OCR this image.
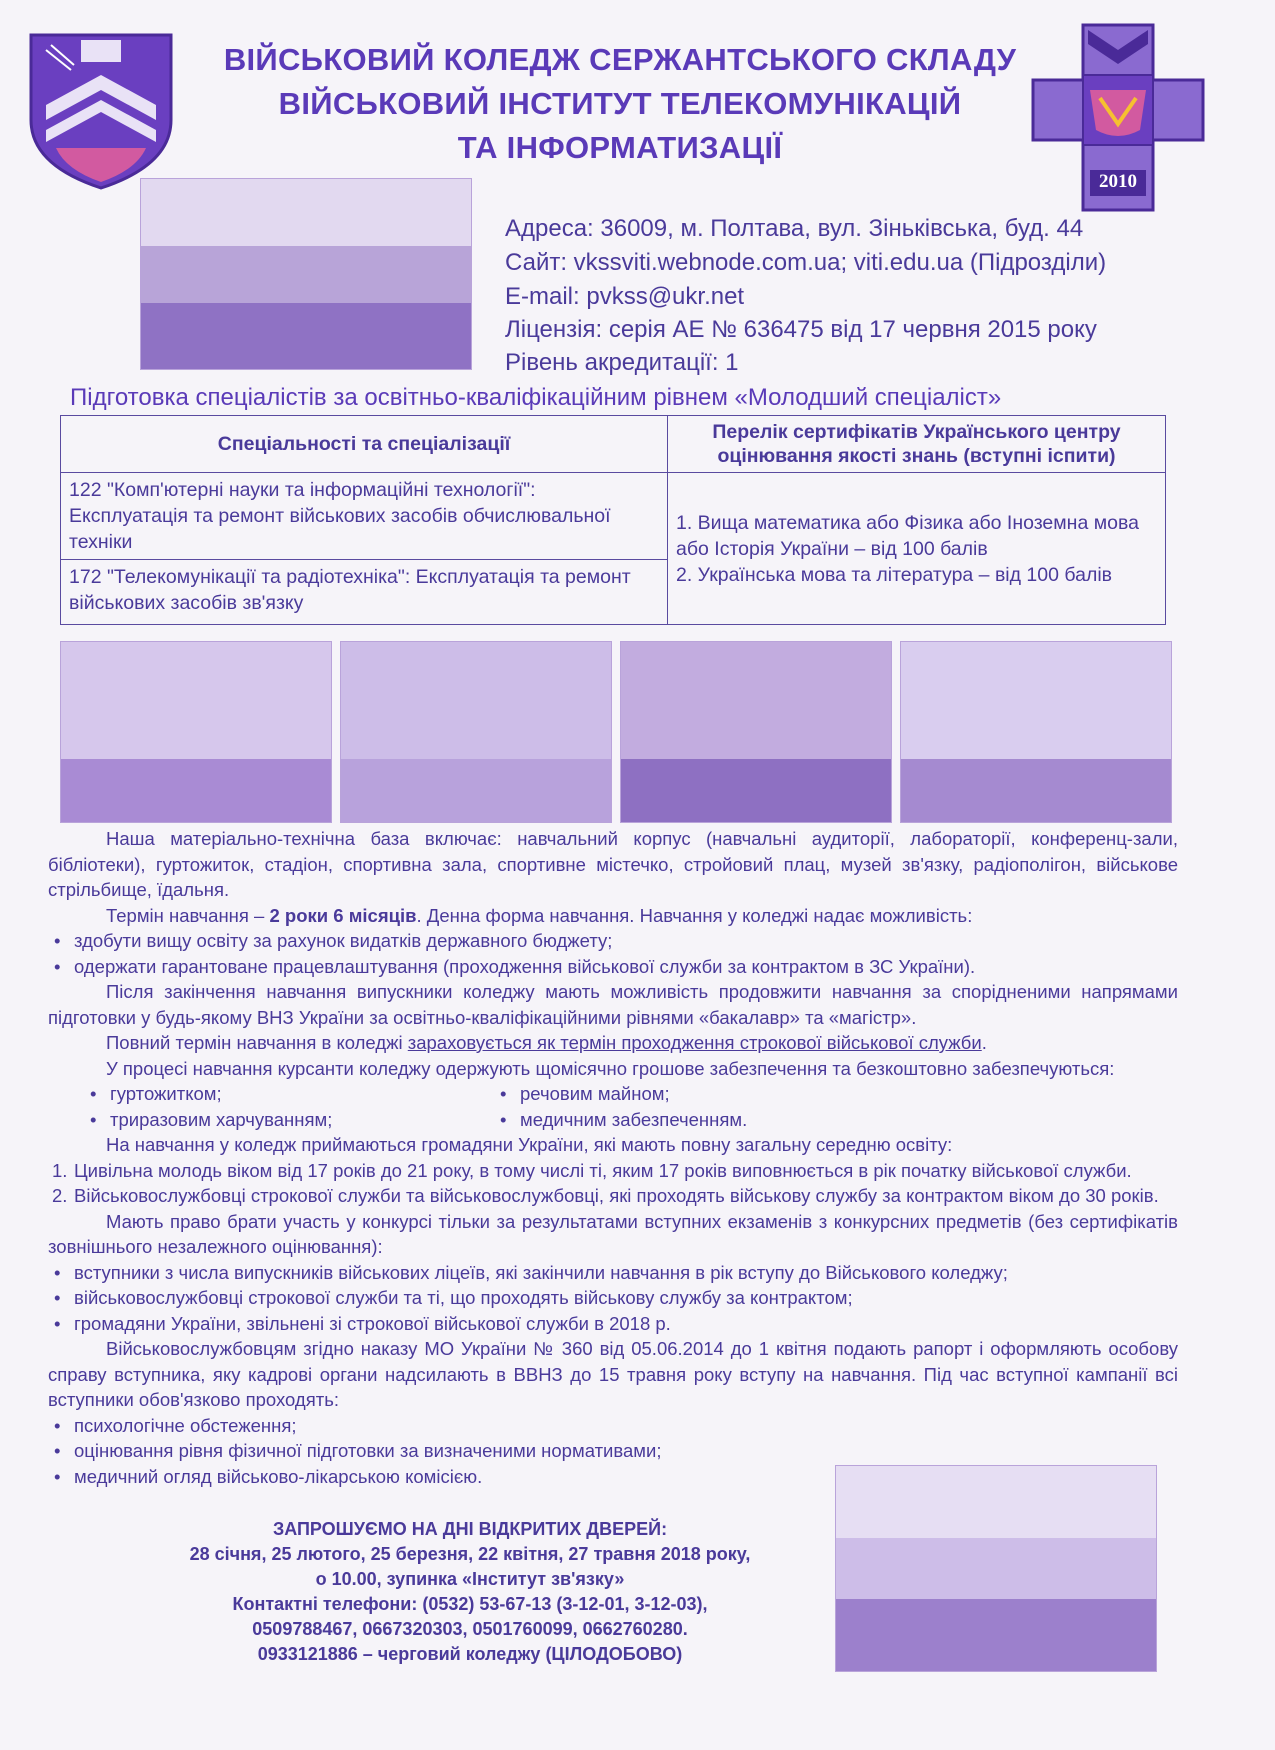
ВІЙСЬКОВИЙ КОЛЕДЖ СЕРЖАНТСЬКОГО СКЛАДУ
ВІЙСЬКОВИЙ ІНСТИТУТ ТЕЛЕКОМУНІКАЦІЙ
ТА ІНФОРМАТИЗАЦІЇ
2010
Адреса: 36009, м. Полтава, вул. Зіньківська, буд. 44
Сайт: vkssviti.webnode.com.ua; viti.edu.ua (Підрозділи)
E-mail: pvkss@ukr.net
Ліцензія: серія АЕ № 636475 від 17 червня 2015 року
Рівень акредитації: 1
Підготовка спеціалістів за освітньо-кваліфікаційним рівнем «Молодший спеціаліст»
Спеціальності та спеціалізації	Перелік сертифікатів Українського центру оцінювання якості знань (вступні іспити)
122 "Комп'ютерні науки та інформаційні технології": Експлуатація та ремонт військових засобів обчислювальної техніки	1. Вища математика або Фізика або Іноземна мова або Історія України – від 100 балів
2. Українська мова та література – від 100 балів

172 "Телекомунікації та радіотехніка": Експлуатація та ремонт військових засобів зв'язку	

Наша матеріально-технічна база включає: навчальний корпус (навчальні аудиторії, лабораторії, конференц-зали, бібліотеки), гуртожиток, стадіон, спортивна зала, спортивне містечко, стройовий плац, музей зв'язку, радіополігон, військове стрільбище, їдальня.

Термін навчання – 2 роки 6 місяців. Денна форма навчання. Навчання у коледжі надає можливість:

• здобути вищу освіту за рахунок видатків державного бюджету;

• одержати гарантоване працевлаштування (проходження військової служби за контрактом в ЗС України).

Після закінчення навчання випускники коледжу мають можливість продовжити навчання за спорідненими напрямами підготовки у будь-якому ВНЗ України за освітньо-кваліфікаційними рівнями «бакалавр» та «магістр».

Повний термін навчання в коледжі зараховується як термін проходження строкової військової служби.

У процесі навчання курсанти коледжу одержують щомісячно грошове забезпечення та безкоштовно забезпечуються:

• гуртожитком;

• триразовим харчуванням;

• речовим майном;

• медичним забезпеченням.

На навчання у коледж приймаються громадяни України, які мають повну загальну середню освіту:

1. Цивільна молодь віком від 17 років до 21 року, в тому числі ті, яким 17 років виповнюється в рік початку військової служби.

2. Військовослужбовці строкової служби та військовослужбовці, які проходять військову службу за контрактом віком до 30 років.

Мають право брати участь у конкурсі тільки за результатами вступних екзаменів з конкурсних предметів (без сертифікатів зовнішнього незалежного оцінювання):

• вступники з числа випускників військових ліцеїв, які закінчили навчання в рік вступу до Військового коледжу;

• військовослужбовці строкової служби та ті, що проходять військову службу за контрактом;

• громадяни України, звільнені зі строкової військової служби в 2018 р.

Військовослужбовцям згідно наказу МО України № 360 від 05.06.2014 до 1 квітня подають рапорт і оформляють особову справу вступника, яку кадрові органи надсилають в ВВНЗ до 15 травня року вступу на навчання. Під час вступної кампанії всі вступники обов'язково проходять:

• психологічне обстеження;

• оцінювання рівня фізичної підготовки за визначеними нормативами;

• медичний огляд військово-лікарською комісією.

ЗАПРОШУЄМО НА ДНІ ВІДКРИТИХ ДВЕРЕЙ:
28 січня, 25 лютого, 25 березня, 22 квітня, 27 травня 2018 року,
о 10.00, зупинка «Інститут зв'язку»
Контактні телефони: (0532) 53-67-13 (3-12-01, 3-12-03),
0509788467, 0667320303, 0501760099, 0662760280.
0933121886 – черговий коледжу (ЦІЛОДОБОВО)
